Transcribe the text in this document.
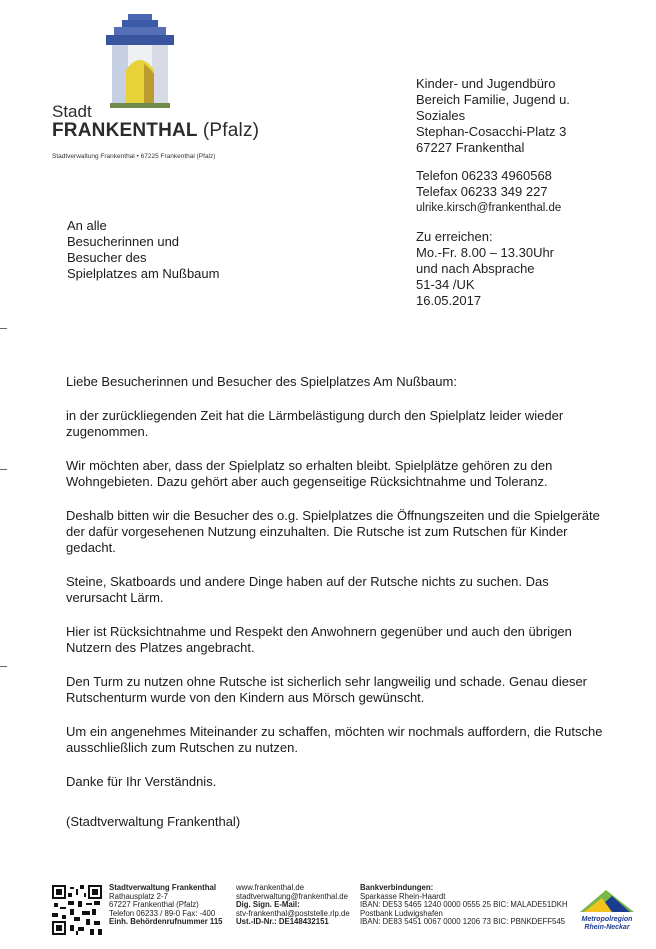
Stadt
FRANKENTHAL (Pfalz)
Stadtverwaltung Frankenthal • 67225 Frankenthal (Pfalz)
Kinder- und Jugendbüro
Bereich Familie, Jugend u.
Soziales
Stephan-Cosacchi-Platz 3
67227 Frankenthal
Telefon 06233 4960568
Telefax 06233 349 227
ulrike.kirsch@frankenthal.de
Zu erreichen:
Mo.-Fr. 8.00 – 13.30Uhr
und nach Absprache
51-34 /UK
16.05.2017
An alle
Besucherinnen und
Besucher des
Spielplatzes am Nußbaum

Liebe Besucherinnen und Besucher des Spielplatzes Am Nußbaum:

in der zurückliegenden Zeit hat die Lärmbelästigung durch den Spielplatz leider wieder zugenommen.

Wir möchten aber, dass der Spielplatz so erhalten bleibt. Spielplätze gehören zu den Wohngebieten. Dazu gehört aber auch gegenseitige Rücksichtnahme und Toleranz.

Deshalb bitten wir die Besucher des o.g. Spielplatzes die Öffnungszeiten und die Spielgeräte der dafür vorgesehenen Nutzung einzuhalten. Die Rutsche ist zum Rutschen für Kinder gedacht.

Steine, Skatboards und andere Dinge haben auf der Rutsche nichts zu suchen. Das verursacht Lärm.

Hier ist Rücksichtnahme und Respekt den Anwohnern gegenüber und auch den übrigen Nutzern des Platzes angebracht.

Den Turm zu nutzen ohne Rutsche ist sicherlich sehr langweilig und schade. Genau dieser Rutschenturm wurde von den Kindern aus Mörsch gewünscht.

Um ein angenehmes Miteinander zu schaffen, möchten wir nochmals auffordern, die Rutsche ausschließlich zum Rutschen zu nutzen.

Danke für Ihr Verständnis.

(Stadtverwaltung Frankenthal)

Stadtverwaltung Frankenthal
Rathausplatz 2-7
67227 Frankenthal (Pfalz)
Telefon 06233 / 89-0 Fax: -400
Einh. Behördenrufnummer 115
www.frankenthal.de
stadtverwaltung@frankenthal.de
Dig. Sign. E-Mail:
stv-frankenthal@poststelle.rlp.de
Ust.-ID-Nr.: DE148432151
Bankverbindungen:
Sparkasse Rhein-Haardt
IBAN: DE53 5465 1240 0000 0555 25 BIC: MALADE51DKH
Postbank Ludwigshafen
IBAN: DE83 5451 0067 0000 1206 73 BIC: PBNKDEFF545	Metropolregion
Rhein-Neckar
